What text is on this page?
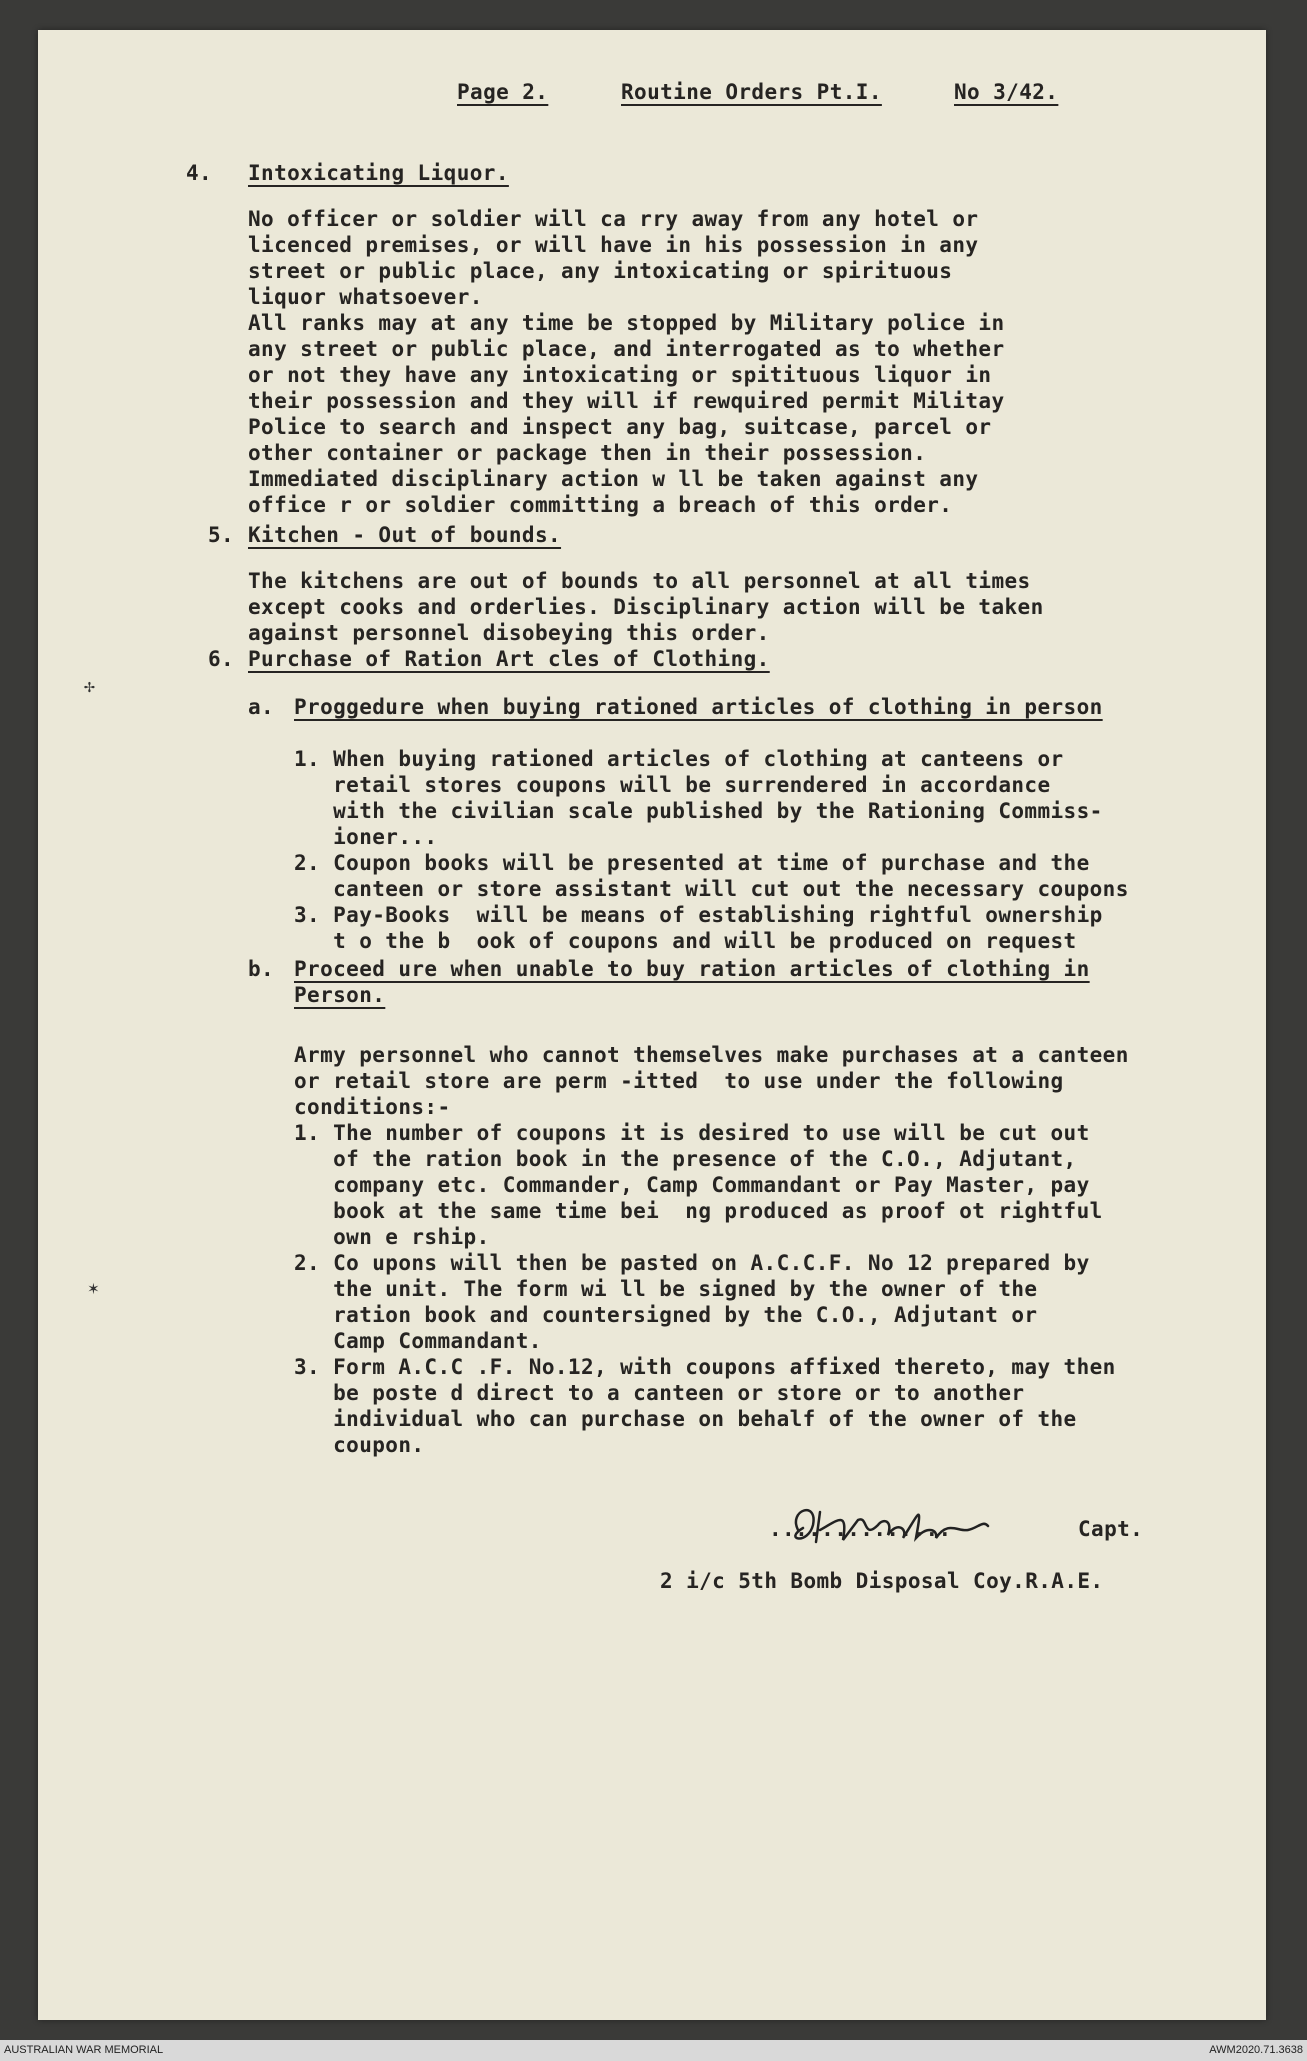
Page 2.	Routine Orders Pt.I.	No 3/42.
4. Intoxicating Liquor.
No officer or soldier will ca rry away from any hotel or
licenced premises, or will have in his possession in any
street or public place, any intoxicating or spirituous
liquor whatsoever.
All ranks may at any time be stopped by Military police in
any street or public place, and interrogated as to whether
or not they have any intoxicating or spitituous liquor in
their possession and they will if rewquired permit Militay
Police to search and inspect any bag, suitcase, parcel or
other container or package then in their possession.
Immediated disciplinary action w ll be taken against any
office r or soldier committing a breach of this order.
5. Kitchen - Out of bounds.
The kitchens are out of bounds to all personnel at all times
except cooks and orderlies. Disciplinary action will be taken
against personnel disobeying this order.
6. Purchase of Ration Art cles of Clothing.
a. Proggedure when buying rationed articles of clothing in person
1. When buying rationed articles of clothing at canteens or
retail stores coupons will be surrendered in accordance
with the civilian scale published by the Rationing Commiss-
ioner...
2. Coupon books will be presented at time of purchase and the
canteen or store assistant will cut out the necessary coupons
3. Pay-Books  will be means of establishing rightful ownership
t o the b  ook of coupons and will be produced on request
b. Proceed ure when unable to buy ration articles of clothing in
Person.
Army personnel who cannot themselves make purchases at a canteen
or retail store are perm -itted  to use under the following
conditions:-
1. The number of coupons it is desired to use will be cut out
of the ration book in the presence of the C.O., Adjutant,
company etc. Commander, Camp Commandant or Pay Master, pay
book at the same time bei  ng produced as proof ot rightful
own e rship.
2. Co upons will then be pasted on A.C.C.F. No 12 prepared by
the unit. The form wi ll be signed by the owner of the
ration book and countersigned by the C.O., Adjutant or
Camp Commandant.
3. Form A.C.C .F. No.12, with coupons affixed thereto, may then
be poste d direct to a canteen or store or to another
individual who can purchase on behalf of the owner of the
coupon.
..............	Capt.
2 i/c 5th Bomb Disposal Coy.R.A.E.
✢
✶
AUSTRALIAN WAR MEMORIAL	AWM2020.71.3638
